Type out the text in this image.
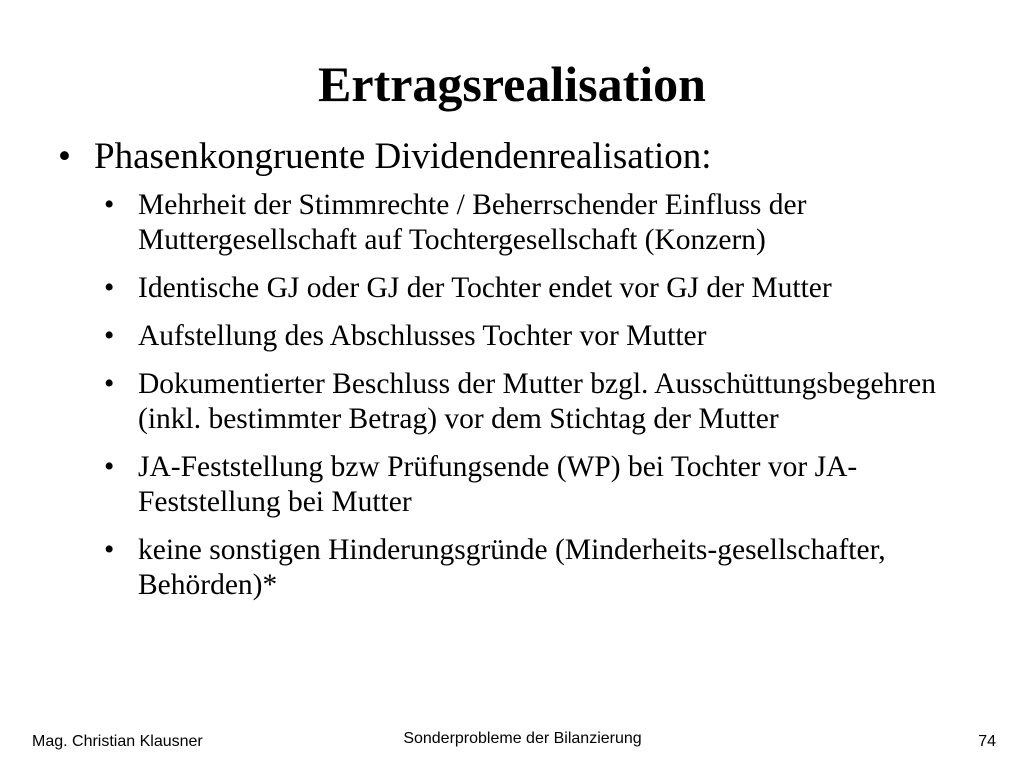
Ertragsrealisation
• Phasenkongruente Dividendenrealisation:
• Mehrheit der Stimmrechte / Beherrschender Einfluss der Muttergesellschaft auf Tochtergesellschaft (Konzern)
• Identische GJ oder GJ der Tochter endet vor GJ der Mutter
• Aufstellung des Abschlusses Tochter vor Mutter
• Dokumentierter Beschluss der Mutter bzgl. Ausschüttungsbegehren (inkl. bestimmter Betrag) vor dem Stichtag der Mutter
• JA-Feststellung bzw Prüfungsende (WP) bei Tochter vor JA-Feststellung bei Mutter
• keine sonstigen Hinderungsgründe (Minderheits-gesellschafter, Behörden)*
Mag. Christian Klausner	Sonderprobleme der Bilanzierung	74
